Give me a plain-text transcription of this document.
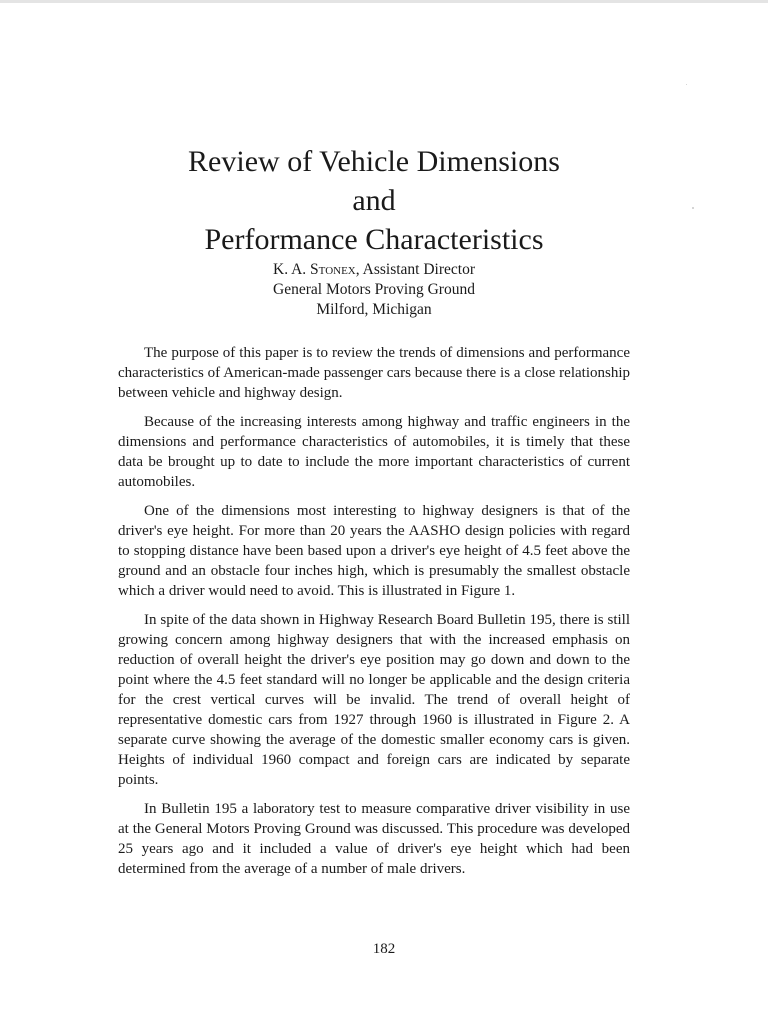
Review of Vehicle Dimensions
and
Performance Characteristics
K. A. Stonex, Assistant Director
General Motors Proving Ground
Milford, Michigan

The purpose of this paper is to review the trends of dimensions and performance characteristics of American-made passenger cars because there is a close relationship between vehicle and highway design.

Because of the increasing interests among highway and traffic engineers in the dimensions and performance characteristics of automobiles, it is timely that these data be brought up to date to include the more important characteristics of current automobiles.

One of the dimensions most interesting to highway designers is that of the driver's eye height. For more than 20 years the AASHO design policies with regard to stopping distance have been based upon a driver's eye height of 4.5 feet above the ground and an obstacle four inches high, which is presumably the smallest obstacle which a driver would need to avoid. This is illustrated in Figure 1.

In spite of the data shown in Highway Research Board Bulletin 195, there is still growing concern among highway designers that with the increased emphasis on reduction of overall height the driver's eye position may go down and down to the point where the 4.5 feet standard will no longer be applicable and the design criteria for the crest vertical curves will be invalid. The trend of overall height of representative domestic cars from 1927 through 1960 is illustrated in Figure 2. A separate curve showing the average of the domestic smaller economy cars is given. Heights of individual 1960 compact and foreign cars are indicated by separate points.

In Bulletin 195 a laboratory test to measure comparative driver visibility in use at the General Motors Proving Ground was discussed. This procedure was developed 25 years ago and it included a value of driver's eye height which had been determined from the average of a number of male drivers.

182
